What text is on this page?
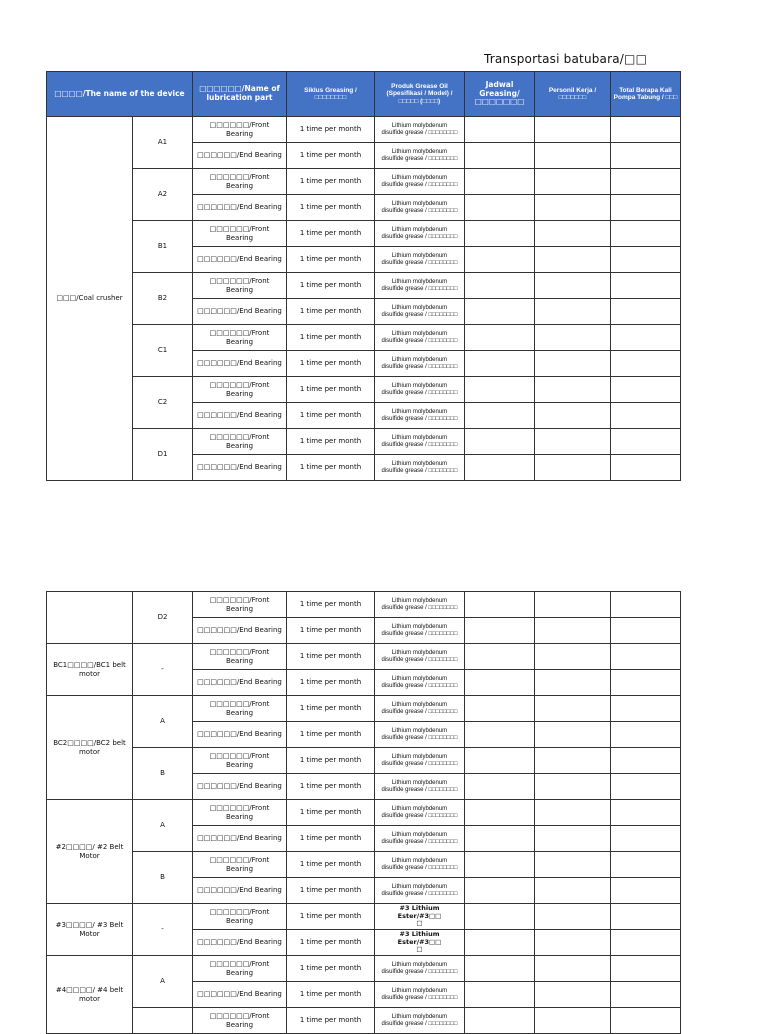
Transportasi batubara/□□
□□□□/The name of the device		□□□□□□/Name of lubrication part	Siklus Greasing / □□□□□□□□	Produk Grease Oil (Spesifikasi / Model) / □□□□□ (□□□□)	Jadwal Greasing/□□□□□□□	Personil Kerja / □□□□□□□	Total Berapa Kali Pompa Tabung / □□□
□□□/Coal crusher	A1	□□□□□□/Front Bearing	1 time per month	Lithium molybdenum
disulfide grease / □□□□□□□□			

		□□□□□□/End Bearing	1 time per month	Lithium molybdenum
disulfide grease / □□□□□□□□			

	A2	□□□□□□/Front Bearing	1 time per month	Lithium molybdenum
disulfide grease / □□□□□□□□			

		□□□□□□/End Bearing	1 time per month	Lithium molybdenum
disulfide grease / □□□□□□□□			

	B1	□□□□□□/Front Bearing	1 time per month	Lithium molybdenum
disulfide grease / □□□□□□□□			

		□□□□□□/End Bearing	1 time per month	Lithium molybdenum
disulfide grease / □□□□□□□□			

	B2	□□□□□□/Front Bearing	1 time per month	Lithium molybdenum
disulfide grease / □□□□□□□□			

		□□□□□□/End Bearing	1 time per month	Lithium molybdenum
disulfide grease / □□□□□□□□			

	C1	□□□□□□/Front Bearing	1 time per month	Lithium molybdenum
disulfide grease / □□□□□□□□			

		□□□□□□/End Bearing	1 time per month	Lithium molybdenum
disulfide grease / □□□□□□□□			

	C2	□□□□□□/Front Bearing	1 time per month	Lithium molybdenum
disulfide grease / □□□□□□□□			

		□□□□□□/End Bearing	1 time per month	Lithium molybdenum
disulfide grease / □□□□□□□□			

	D1	□□□□□□/Front Bearing	1 time per month	Lithium molybdenum
disulfide grease / □□□□□□□□			

		□□□□□□/End Bearing	1 time per month	Lithium molybdenum
disulfide grease / □□□□□□□□			

	D2	□□□□□□/Front Bearing	1 time per month	Lithium molybdenum
disulfide grease / □□□□□□□□			

		□□□□□□/End Bearing	1 time per month	Lithium molybdenum
disulfide grease / □□□□□□□□			

BC1□□□□/BC1 belt motor	-	□□□□□□/Front Bearing	1 time per month	Lithium molybdenum
disulfide grease / □□□□□□□□			

		□□□□□□/End Bearing	1 time per month	Lithium molybdenum
disulfide grease / □□□□□□□□			

BC2□□□□/BC2 belt motor	A	□□□□□□/Front Bearing	1 time per month	Lithium molybdenum
disulfide grease / □□□□□□□□			

		□□□□□□/End Bearing	1 time per month	Lithium molybdenum
disulfide grease / □□□□□□□□			

	B	□□□□□□/Front Bearing	1 time per month	Lithium molybdenum
disulfide grease / □□□□□□□□			

		□□□□□□/End Bearing	1 time per month	Lithium molybdenum
disulfide grease / □□□□□□□□			

#2□□□□/ #2 Belt Motor	A	□□□□□□/Front Bearing	1 time per month	Lithium molybdenum
disulfide grease / □□□□□□□□			

		□□□□□□/End Bearing	1 time per month	Lithium molybdenum
disulfide grease / □□□□□□□□			

	B	□□□□□□/Front Bearing	1 time per month	Lithium molybdenum
disulfide grease / □□□□□□□□			

		□□□□□□/End Bearing	1 time per month	Lithium molybdenum
disulfide grease / □□□□□□□□			

#3□□□□/ #3 Belt Motor	-	□□□□□□/Front Bearing	1 time per month	#3 Lithium Ester/#3□□
□			

		□□□□□□/End Bearing	1 time per month	#3 Lithium Ester/#3□□
□			

#4□□□□/ #4 belt motor	A	□□□□□□/Front Bearing	1 time per month	Lithium molybdenum
disulfide grease / □□□□□□□□			

		□□□□□□/End Bearing	1 time per month	Lithium molybdenum
disulfide grease / □□□□□□□□			

		□□□□□□/Front Bearing	1 time per month	Lithium molybdenum
disulfide grease / □□□□□□□□			
